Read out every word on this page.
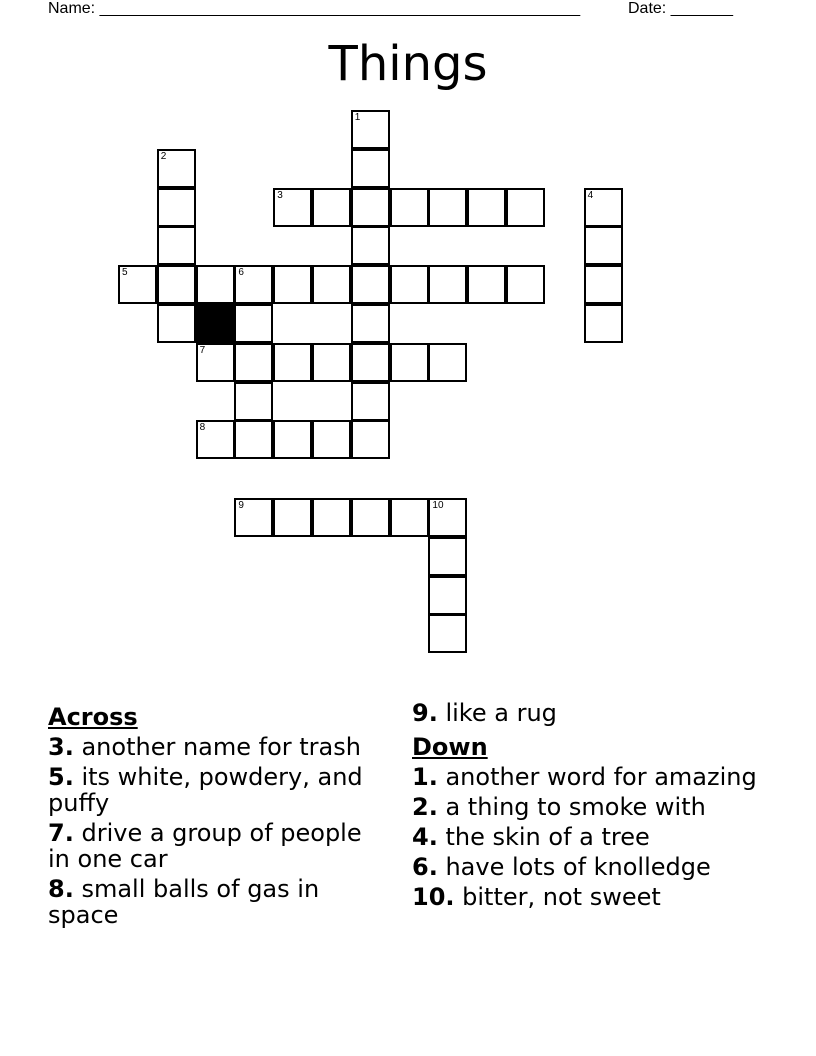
Name: ______________________________________________________	Date: _______
Things
1
2
3	4
5	6
7
8
9	10
Across
3. another name for trash
5. its white, powdery, and puffy
7. drive a group of people in one car
8. small balls of gas in space
9. like a rug
Down
1. another word for amazing
2. a thing to smoke with
4. the skin of a tree
6. have lots of knolledge
10. bitter, not sweet
